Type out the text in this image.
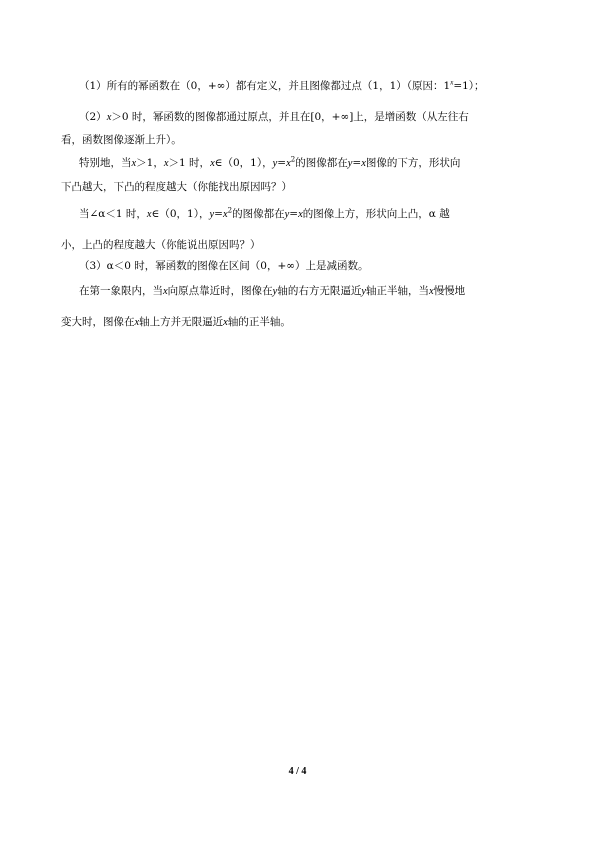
（1）所有的幂函数在（0，+∞）都有定义，并且图像都过点（1，1）（原因：$1^x=1$）；
（2）x＞0 时，幂函数的图像都通过原点，并且在[0，+∞]上，是增函数（从左往右
看，函数图像逐渐上升）。
特别地，当x＞1，x＞1 时，x∈（0，1），$y=x^2$的图像都在y=x图像的下方，形状向
下凸越大，下凸的程度越大（你能找出原因吗？）
当∠α＜1 时，x∈（0，1），$y=x^2$的图像都在y=x的图像上方，形状向上凸，α 越
小，上凸的程度越大（你能说出原因吗？）
（3）α＜0 时，幂函数的图像在区间（0，+∞）上是减函数。
在第一象限内，当x向原点靠近时，图像在y轴的右方无限逼近y轴正半轴，当x慢慢地
变大时，图像在x轴上方并无限逼近x轴的正半轴。
4 / 4
